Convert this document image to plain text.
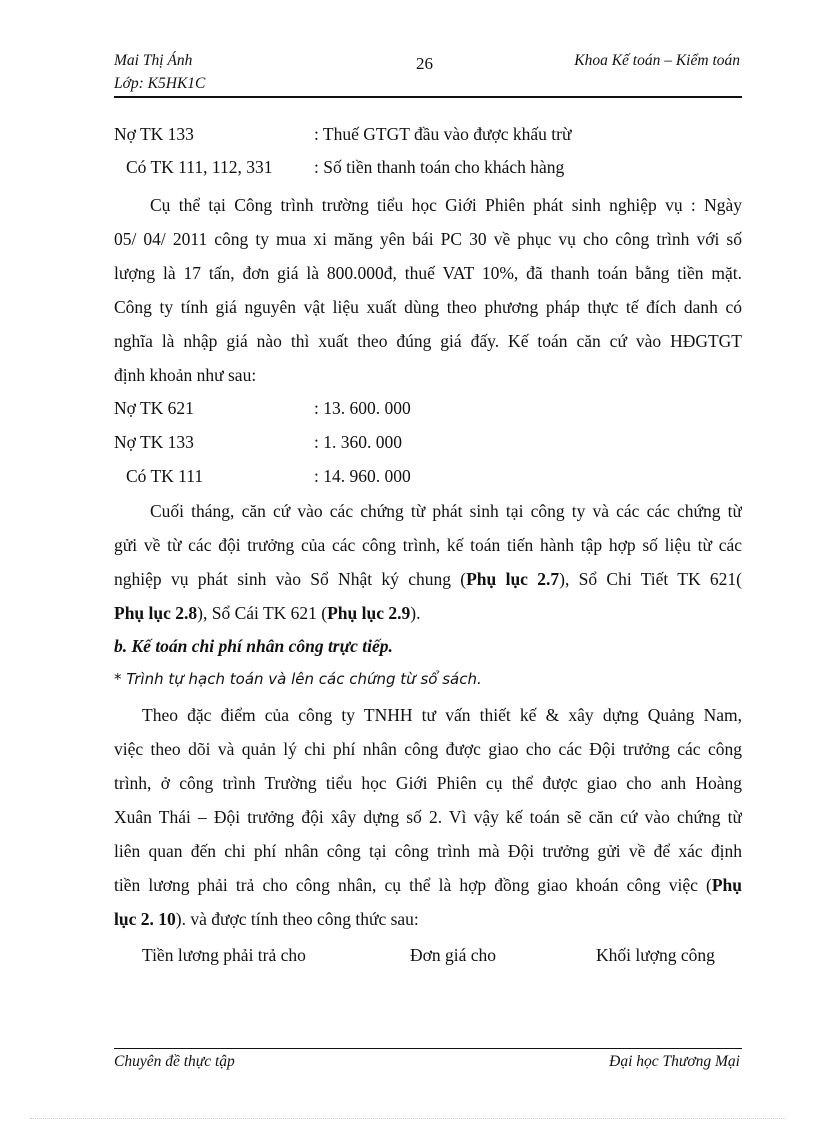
Mai Thị Ánh
Lớp: K5HK1C
26	Khoa Kế toán – Kiểm toán
Nợ TK 133	: Thuế GTGT đầu vào được khấu trừ
Có TK 111, 112, 331 : Số tiền thanh toán cho khách hàng
Cụ thể tại Công trình trường tiểu học Giới Phiên phát sinh nghiệp vụ : Ngày
05/ 04/ 2011 công ty mua xi măng yên bái PC 30 về phục vụ cho công trình với số
lượng là 17 tấn, đơn giá là 800.000đ, thuế VAT 10%, đã thanh toán bằng tiền mặt.
Công ty tính giá nguyên vật liệu xuất dùng theo phương pháp thực tế đích danh có
nghĩa là nhập giá nào thì xuất theo đúng giá đấy. Kế toán căn cứ vào HĐGTGT
định khoản như sau:
Nợ TK 621	: 13. 600. 000
Nợ TK 133	: 1. 360. 000
Có TK 111	: 14. 960. 000
Cuối tháng, căn cứ vào các chứng từ phát sinh tại công ty và các các chứng từ
gửi về từ các đội trưởng của các công trình, kế toán tiến hành tập hợp số liệu từ các
nghiệp vụ phát sinh vào Sổ Nhật ký chung (Phụ lục 2.7), Sổ Chi Tiết TK 621(
Phụ lục 2.8), Sổ Cái TK 621 (Phụ lục 2.9).
b. Kế toán chi phí nhân công trực tiếp.
* Trình tự hạch toán và lên các chứng từ sổ sách.
Theo đặc điểm của công ty TNHH tư vấn thiết kế & xây dựng Quảng Nam,
việc theo dõi và quản lý chi phí nhân công được giao cho các Đội trưởng các công
trình, ở công trình Trường tiểu học Giới Phiên cụ thể được giao cho anh Hoàng
Xuân Thái – Đội trưởng đội xây dựng số 2. Vì vậy kế toán sẽ căn cứ vào chứng từ
liên quan đến chi phí nhân công tại công trình mà Đội trưởng gửi về để xác định
tiền lương phải trả cho công nhân, cụ thể là hợp đồng giao khoán công việc (Phụ
lục 2. 10). và được tính theo công thức sau:
Tiền lương phải trả cho	Đơn giá cho	Khối lượng công
Chuyên đề thực tập	Đại học Thương Mại
